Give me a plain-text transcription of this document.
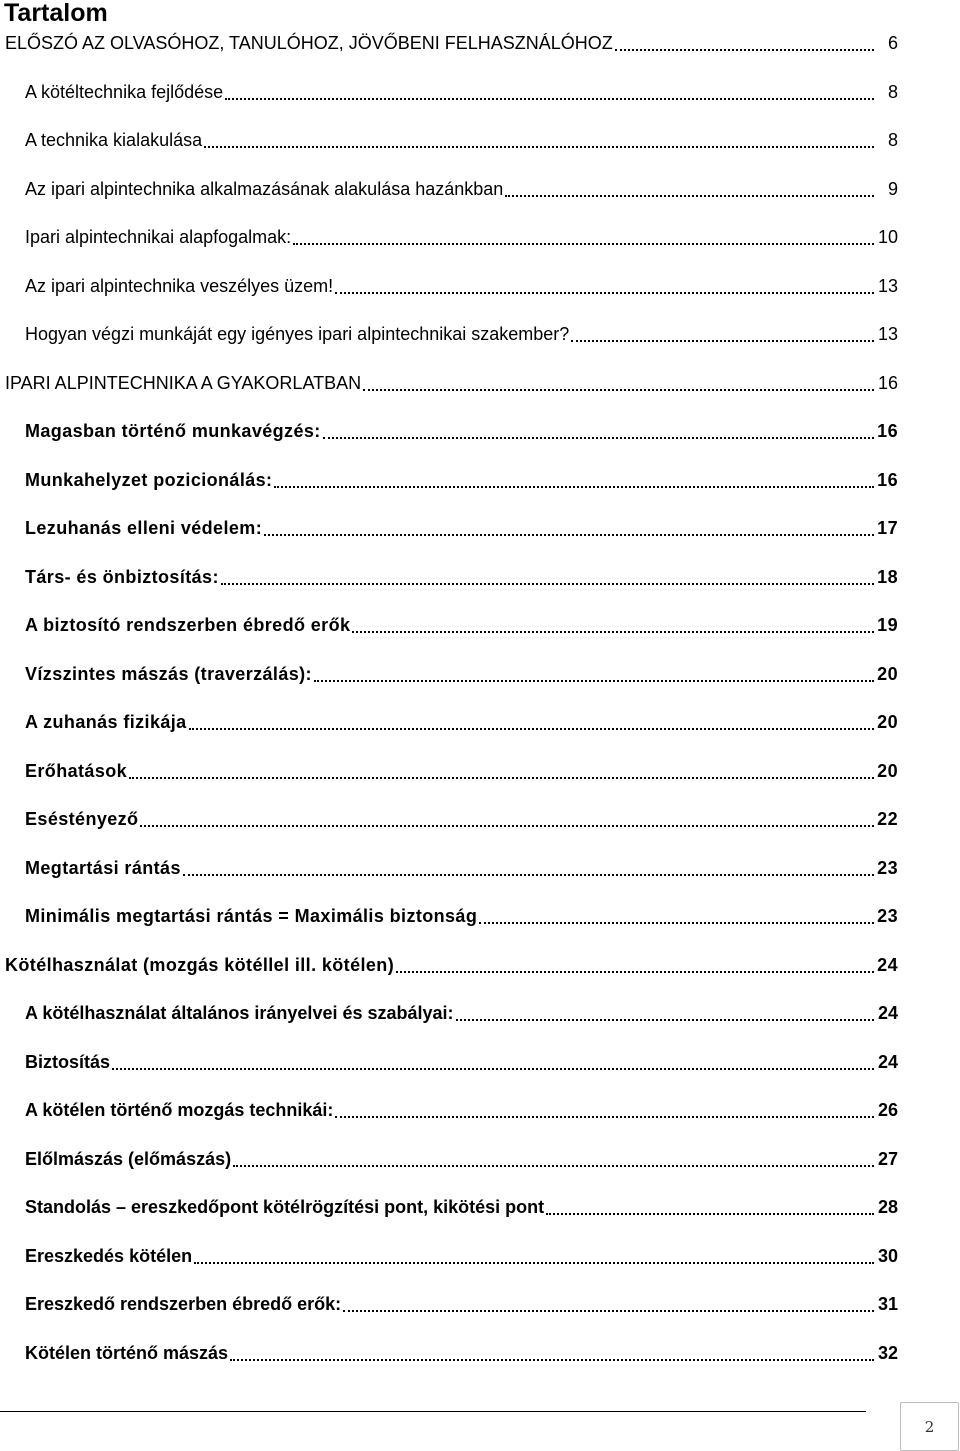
Tartalom
ELŐSZÓ AZ OLVASÓHOZ, TANULÓHOZ, JÖVŐBENI FELHASZNÁLÓHOZ	6
A kötéltechnika fejlődése	8
A technika kialakulása	8
Az ipari alpintechnika alkalmazásának alakulása hazánkban	9
Ipari alpintechnikai alapfogalmak:	10
Az ipari alpintechnika veszélyes üzem!	13
Hogyan végzi munkáját egy igényes ipari alpintechnikai szakember?	13
IPARI ALPINTECHNIKA A GYAKORLATBAN	16
Magasban történő munkavégzés:	16
Munkahelyzet pozicionálás:	16
Lezuhanás elleni védelem:	17
Társ- és önbiztosítás:	18
A biztosító rendszerben ébredő erők	19
Vízszintes mászás (traverzálás):	20
A zuhanás fizikája	20
Erőhatások	20
Eséstényező	22
Megtartási rántás	23
Minimális megtartási rántás = Maximális biztonság	23
Kötélhasználat (mozgás kötéllel ill. kötélen)	24
A kötélhasználat általános irányelvei és szabályai:	24
Biztosítás	24
A kötélen történő mozgás technikái:	26
Előlmászás (előmászás)	27
Standolás – ereszkedőpont kötélrögzítési pont, kikötési pont	28
Ereszkedés kötélen	30
Ereszkedő rendszerben ébredő erők:	31
Kötélen történő mászás	32
2
